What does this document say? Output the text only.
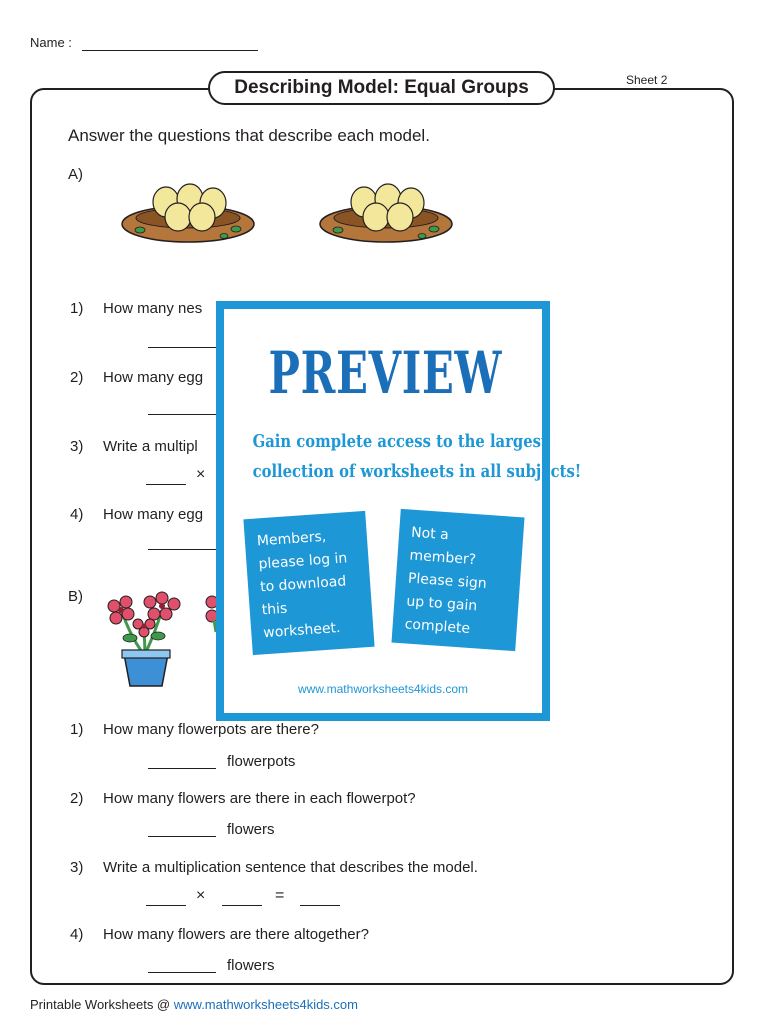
Name :
Sheet 2
Describing Model: Equal Groups
Answer the questions that describe each model.
A)
1) How many nes
2) How many egg
3) Write a multipl
×
4) How many egg
B)
1) How many flowerpots are there?
flowerpots
2) How many flowers are there in each flowerpot?
flowers
3) Write a multiplication sentence that describes the model.
×	=
4) How many flowers are there altogether?
flowers
PREVIEW
Gain complete access to the largest
collection of worksheets in all subjects!
Members, please log in to download this worksheet.
Not a member? Please sign up to gain complete access.
www.mathworksheets4kids.com
Printable Worksheets @ www.mathworksheets4kids.com
